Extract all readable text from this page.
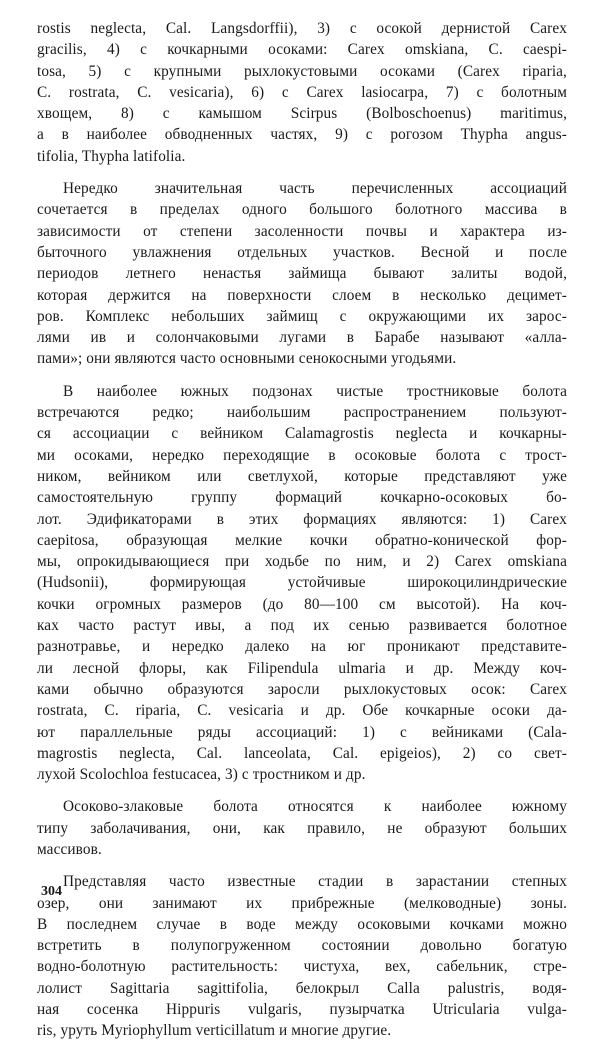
rostis neglecta, Cal. Langsdorffii), 3) с осокой дернистой Carex
gracilis, 4) с кочкарными осоками: Carex omskiana, C. caespi-
tosa, 5) с крупными рыхлокустовыми осоками (Carex riparia,
C. rostrata, C. vesicaria), 6) с Carex lasiocarpa, 7) с болотным
хвощем, 8) с камышом Scirpus (Bolboschoenus) maritimus,
а в наиболее обводненных частях, 9) с рогозом Thypha angus-
tifolia, Thypha latifolia.
Нередко значительная часть перечисленных ассоциаций
сочетается в пределах одного большого болотного массива в
зависимости от степени засоленности почвы и характера из-
быточного увлажнения отдельных участков. Весной и после
периодов летнего ненастья займища бывают залиты водой,
которая держится на поверхности слоем в несколько децимет-
ров. Комплекс небольших займищ с окружающими их зарос-
лями ив и солончаковыми лугами в Барабе называют «алла-
пами»; они являются часто основными сенокосными угодьями.
В наиболее южных подзонах чистые тростниковые болота
встречаются редко; наибольшим распространением пользуют-
ся ассоциации с вейником Calamagrostis neglecta и кочкарны-
ми осоками, нередко переходящие в осоковые болота с трост-
ником, вейником или светлухой, которые представляют уже
самостоятельную группу формаций кочкарно-осоковых бо-
лот. Эдификаторами в этих формациях являются: 1) Carex
caepitosa, образующая мелкие кочки обратно-конической фор-
мы, опрокидывающиеся при ходьбе по ним, и 2) Carex omskiana
(Hudsonii), формирующая устойчивые широкоцилиндрические
кочки огромных размеров (до 80—100 см высотой). На коч-
ках часто растут ивы, а под их сенью развивается болотное
разнотравье, и нередко далеко на юг проникают представите-
ли лесной флоры, как Filipendula ulmaria и др. Между коч-
ками обычно образуются заросли рыхлокустовых осок: Carex
rostrata, C. riparia, C. vesicaria и др. Обе кочкарные осоки да-
ют параллельные ряды ассоциаций: 1) с вейниками (Cala-
magrostis neglecta, Cal. lanceolata, Cal. epigeios), 2) со свет-
лухой Scolochloa festucacea, 3) с тростником и др.
Осоково-злаковые болота относятся к наиболее южному
типу заболачивания, они, как правило, не образуют больших
массивов.
Представляя часто известные стадии в зарастании степных
озер, они занимают их прибрежные (мелководные) зоны.
В последнем случае в воде между осоковыми кочками можно
встретить в полупогруженном состоянии довольно богатую
водно-болотную растительность: чистуха, вех, сабельник, стре-
лолист Sagittaria sagittifolia, белокрыл Calla palustris, водя-
ная сосенка Hippuris vulgaris, пузырчатка Utricularia vulga-
ris, уруть Myriophyllum verticillatum и многие другие.
304
